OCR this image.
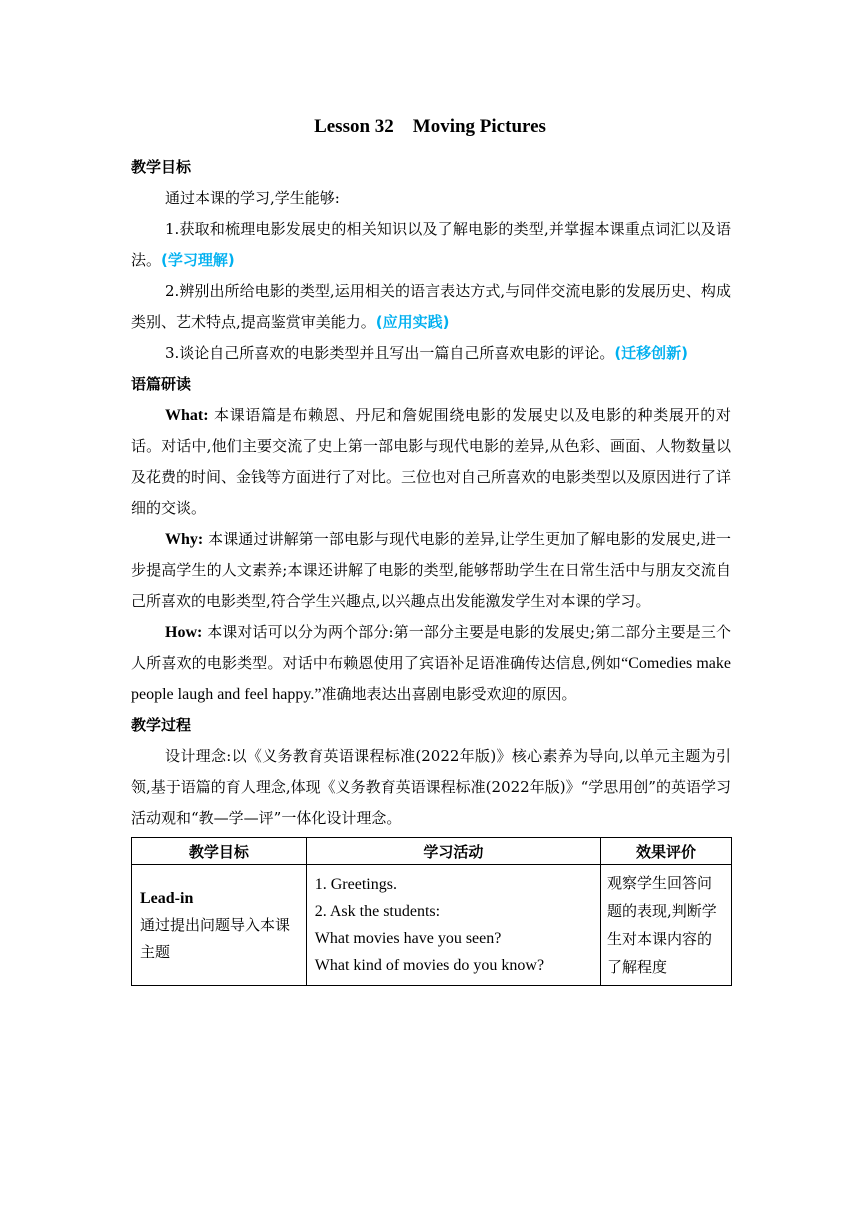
Lesson 32    Moving Pictures
教学目标
通过本课的学习,学生能够:
1.获取和梳理电影发展史的相关知识以及了解电影的类型,并掌握本课重点词汇以及语法。(学习理解)
2.辨别出所给电影的类型,运用相关的语言表达方式,与同伴交流电影的发展历史、构成类别、艺术特点,提高鉴赏审美能力。(应用实践)
3.谈论自己所喜欢的电影类型并且写出一篇自己所喜欢电影的评论。(迁移创新)
语篇研读
What: 本课语篇是布赖恩、丹尼和詹妮围绕电影的发展史以及电影的种类展开的对话。对话中,他们主要交流了史上第一部电影与现代电影的差异,从色彩、画面、人物数量以及花费的时间、金钱等方面进行了对比。三位也对自己所喜欢的电影类型以及原因进行了详细的交谈。
Why: 本课通过讲解第一部电影与现代电影的差异,让学生更加了解电影的发展史,进一步提高学生的人文素养;本课还讲解了电影的类型,能够帮助学生在日常生活中与朋友交流自己所喜欢的电影类型,符合学生兴趣点,以兴趣点出发能激发学生对本课的学习。
How: 本课对话可以分为两个部分:第一部分主要是电影的发展史;第二部分主要是三个人所喜欢的电影类型。对话中布赖恩使用了宾语补足语准确传达信息,例如“Comedies make people laugh and feel happy.”准确地表达出喜剧电影受欢迎的原因。
教学过程
设计理念:以《义务教育英语课程标准(2022年版)》核心素养为导向,以单元主题为引领,基于语篇的育人理念,体现《义务教育英语课程标准(2022年版)》“学思用创”的英语学习活动观和“教—学—评”一体化设计理念。
教学目标	学习活动	效果评价

Lead-in
通过提出问题导入本课主题	1. Greetings.
2. Ask the students:
What movies have you seen?
What kind of movies do you know?	观察学生回答问题的表现,判断学生对本课内容的了解程度
